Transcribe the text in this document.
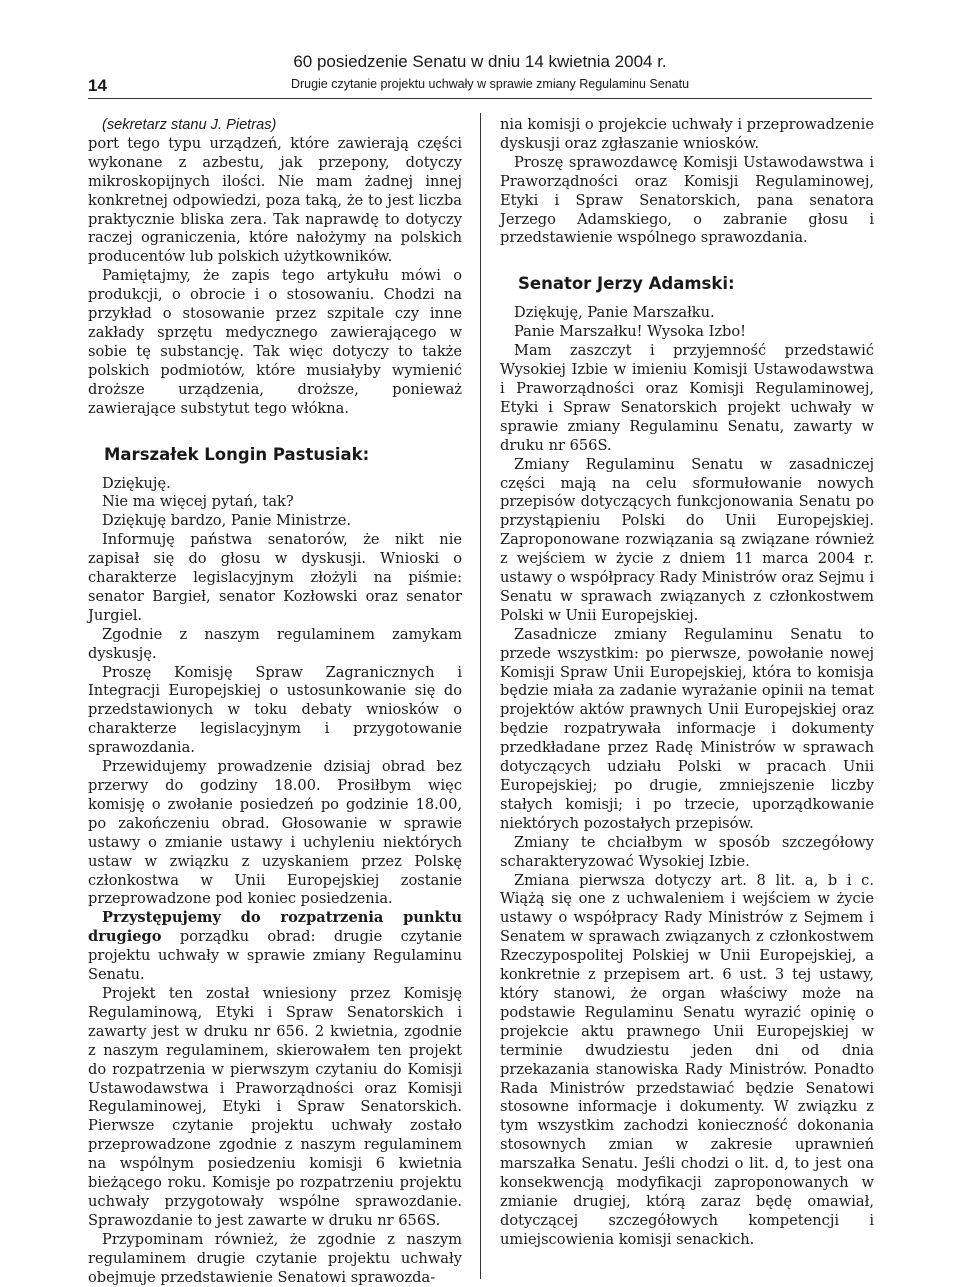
14
60 posiedzenie Senatu w dniu 14 kwietnia 2004 r.
Drugie czytanie projektu uchwały w sprawie zmiany Regulaminu Senatu

(sekretarz stanu J. Pietras)

port tego typu urządzeń, które zawierają części wykonane z azbestu, jak przepony, dotyczy mikroskopijnych ilości. Nie mam żadnej innej konkretnej odpowiedzi, poza taką, że to jest liczba praktycznie bliska zera. Tak naprawdę to dotyczy raczej ograniczenia, które nałożymy na polskich producentów lub polskich użytkowników.

Pamiętajmy, że zapis tego artykułu mówi o produkcji, o obrocie i o stosowaniu. Chodzi na przykład o stosowanie przez szpitale czy inne zakłady sprzętu medycznego zawierającego w sobie tę substancję. Tak więc dotyczy to także polskich podmiotów, które musiałyby wymienić droższe urządzenia, droższe, ponieważ zawierające substytut tego włókna.

Marszałek Longin Pastusiak:

Dziękuję.

Nie ma więcej pytań, tak?

Dziękuję bardzo, Panie Ministrze.

Informuję państwa senatorów, że nikt nie zapisał się do głosu w dyskusji. Wnioski o charakterze legislacyjnym złożyli na piśmie: senator Bargieł, senator Kozłowski oraz senator Jurgiel.

Zgodnie z naszym regulaminem zamykam dyskusję.

Proszę Komisję Spraw Zagranicznych i Integracji Europejskiej o ustosunkowanie się do przedstawionych w toku debaty wniosków o charakterze legislacyjnym i przygotowanie sprawozdania.

Przewidujemy prowadzenie dzisiaj obrad bez przerwy do godziny 18.00. Prosiłbym więc komisję o zwołanie posiedzeń po godzinie 18.00, po zakończeniu obrad. Głosowanie w sprawie ustawy o zmianie ustawy i uchyleniu niektórych ustaw w związku z uzyskaniem przez Polskę członkostwa w Unii Europejskiej zostanie przeprowadzone pod koniec posiedzenia.

Przystępujemy do rozpatrzenia punktu drugiego porządku obrad: drugie czytanie projektu uchwały w sprawie zmiany Regulaminu Senatu.

Projekt ten został wniesiony przez Komisję Regulaminową, Etyki i Spraw Senatorskich i zawarty jest w druku nr 656. 2 kwietnia, zgodnie z naszym regulaminem, skierowałem ten projekt do rozpatrzenia w pierwszym czytaniu do Komisji Ustawodawstwa i Praworządności oraz Komisji Regulaminowej, Etyki i Spraw Senatorskich. Pierwsze czytanie projektu uchwały zostało przeprowadzone zgodnie z naszym regulaminem na wspólnym posiedzeniu komisji 6 kwietnia bieżącego roku. Komisje po rozpatrzeniu projektu uchwały przygotowały wspólne sprawozdanie. Sprawozdanie to jest zawarte w druku nr 656S.

Przypominam również, że zgodnie z naszym regulaminem drugie czytanie projektu uchwały obejmuje przedstawienie Senatowi sprawozda-

nia komisji o projekcie uchwały i przeprowadzenie dyskusji oraz zgłaszanie wniosków.

Proszę sprawozdawcę Komisji Ustawodawstwa i Praworządności oraz Komisji Regulaminowej, Etyki i Spraw Senatorskich, pana senatora Jerzego Adamskiego, o zabranie głosu i przedstawienie wspólnego sprawozdania.

Senator Jerzy Adamski:

Dziękuję, Panie Marszałku.

Panie Marszałku! Wysoka Izbo!

Mam zaszczyt i przyjemność przedstawić Wysokiej Izbie w imieniu Komisji Ustawodawstwa i Praworządności oraz Komisji Regulaminowej, Etyki i Spraw Senatorskich projekt uchwały w sprawie zmiany Regulaminu Senatu, zawarty w druku nr 656S.

Zmiany Regulaminu Senatu w zasadniczej części mają na celu sformułowanie nowych przepisów dotyczących funkcjonowania Senatu po przystąpieniu Polski do Unii Europejskiej. Zaproponowane rozwiązania są związane również z wejściem w życie z dniem 11 marca 2004 r. ustawy o współpracy Rady Ministrów oraz Sejmu i Senatu w sprawach związanych z członkostwem Polski w Unii Europejskiej.

Zasadnicze zmiany Regulaminu Senatu to przede wszystkim: po pierwsze, powołanie nowej Komisji Spraw Unii Europejskiej, która to komisja będzie miała za zadanie wyrażanie opinii na temat projektów aktów prawnych Unii Europejskiej oraz będzie rozpatrywała informacje i dokumenty przedkładane przez Radę Ministrów w sprawach dotyczących udziału Polski w pracach Unii Europejskiej; po drugie, zmniejszenie liczby stałych komisji; i po trzecie, uporządkowanie niektórych pozostałych przepisów.

Zmiany te chciałbym w sposób szczegółowy scharakteryzować Wysokiej Izbie.

Zmiana pierwsza dotyczy art. 8 lit. a, b i c. Wiążą się one z uchwaleniem i wejściem w życie ustawy o współpracy Rady Ministrów z Sejmem i Senatem w sprawach związanych z członkostwem Rzeczypospolitej Polskiej w Unii Europejskiej, a konkretnie z przepisem art. 6 ust. 3 tej ustawy, który stanowi, że organ właściwy może na podstawie Regulaminu Senatu wyrazić opinię o projekcie aktu prawnego Unii Europejskiej w terminie dwudziestu jeden dni od dnia przekazania stanowiska Rady Ministrów. Ponadto Rada Ministrów przedstawiać będzie Senatowi stosowne informacje i dokumenty. W związku z tym wszystkim zachodzi konieczność dokonania stosownych zmian w zakresie uprawnień marszałka Senatu. Jeśli chodzi o lit. d, to jest ona konsekwencją modyfikacji zaproponowanych w zmianie drugiej, którą zaraz będę omawiał, dotyczącej szczegółowych kompetencji i umiejscowienia komisji senackich.
